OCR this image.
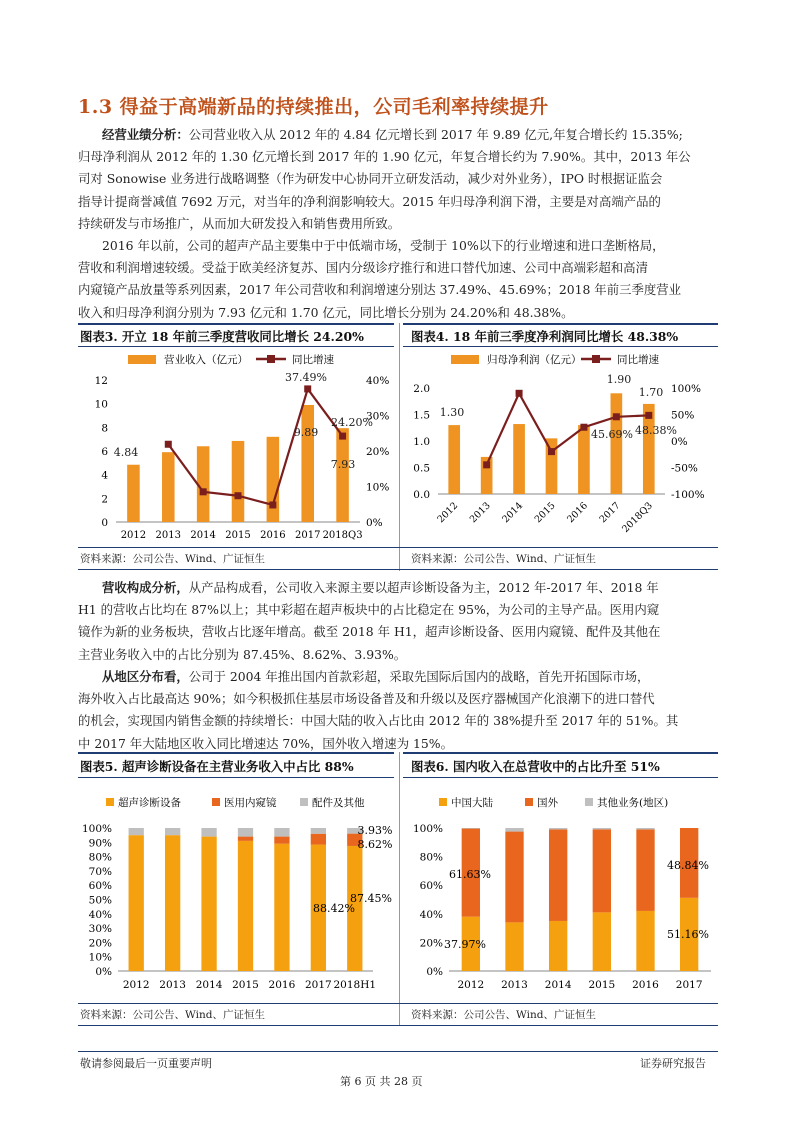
1.3 得益于高端新品的持续推出，公司毛利率持续提升
经营业绩分析：公司营业收入从 2012 年的 4.84 亿元增长到 2017 年 9.89 亿元,年复合增长约 15.35%;
归母净利润从 2012 年的 1.30 亿元增长到 2017 年的 1.90 亿元，年复合增长约为 7.90%。其中，2013 年公
司对 Sonowise 业务进行战略调整（作为研发中心协同开立研发活动，减少对外业务），IPO 时根据证监会
指导计提商誉减值 7692 万元，对当年的净利润影响较大。2015 年归母净利润下滑，主要是对高端产品的
持续研发与市场推广，从而加大研发投入和销售费用所致。
2016 年以前，公司的超声产品主要集中于中低端市场，受制于 10%以下的行业增速和进口垄断格局，
营收和利润增速较缓。受益于欧美经济复苏、国内分级诊疗推行和进口替代加速、公司中高端彩超和高清
内窥镜产品放量等系列因素，2017 年公司营收和利润增速分别达 37.49%、45.69%；2018 年前三季度营业
收入和归母净利润分别为 7.93 亿元和 1.70 亿元，同比增长分别为 24.20%和 48.38%。
图表3. 开立 18 年前三季度营收同比增长 24.20%	图表4. 18 年前三季度净利润同比增长 48.38%
营业收入（亿元）	同比增速
0
2
4
6
8
10
12
0%
10%
20%
30%
40%
2012 2013 2014 2015 2016 2017 2018Q3
4.84
37.49%
9.89
24.20%
7.93
归母净利润（亿元）	同比增速
0.0
0.5
1.0
1.5
2.0
-100%
-50%
0%
50%
100%
2012 2013 2014 2015 2016 2017
2018Q3
1.30
1.90
1.70
45.69% 48.38%
资料来源：公司公告、Wind、广证恒生	资料来源：公司公告、Wind、广证恒生
营收构成分析，从产品构成看，公司收入来源主要以超声诊断设备为主，2012 年-2017 年、2018 年
H1 的营收占比均在 87%以上；其中彩超在超声板块中的占比稳定在 95%，为公司的主导产品。医用内窥
镜作为新的业务板块，营收占比逐年增高。截至 2018 年 H1，超声诊断设备、医用内窥镜、配件及其他在
主营业务收入中的占比分别为 87.45%、8.62%、3.93%。
从地区分布看，公司于 2004 年推出国内首款彩超，采取先国际后国内的战略，首先开拓国际市场，
海外收入占比最高达 90%；如今积极抓住基层市场设备普及和升级以及医疗器械国产化浪潮下的进口替代
的机会，实现国内销售金额的持续增长：中国大陆的收入占比由 2012 年的 38%提升至 2017 年的 51%。其
中 2017 年大陆地区收入同比增速达 70%，国外收入增速为 15%。
图表5. 超声诊断设备在主营业务收入中占比 88%	图表6. 国内收入在总营收中的占比升至 51%
超声诊断设备	医用内窥镜	配件及其他
0%
10%
20%
30%
40%
50%
60%
70%
80%
90%
100%
2012 2013 2014 2015 2016 2017 2018H1
88.42%
87.45%
8.62%
3.93%
中国大陆	国外	其他业务(地区)
0%
20%
40%
60%
80%
100%
2012 2013 2014 2015 2016 2017
61.63%
37.97%
48.84%
51.16%
资料来源：公司公告、Wind、广证恒生	资料来源：公司公告、Wind、广证恒生
敬请参阅最后一页重要声明	证券研究报告
第 6 页 共 28 页
